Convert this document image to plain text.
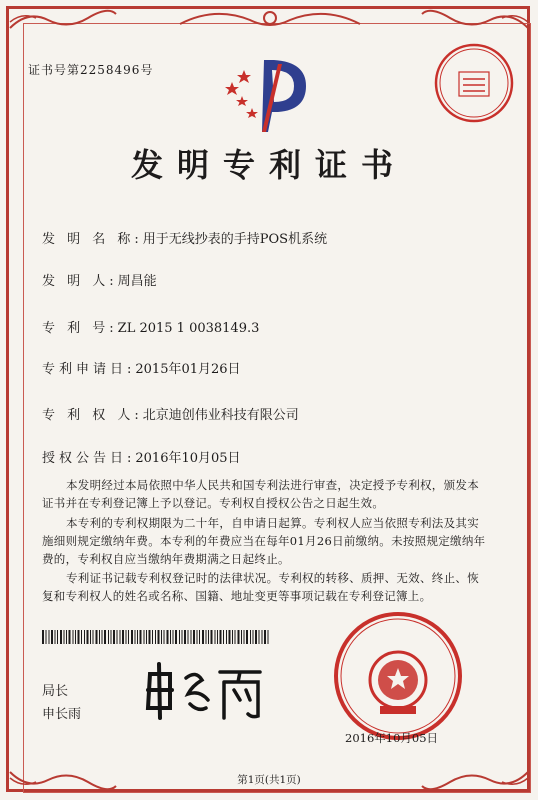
证书号第2258496号
发明专利证书
发 明 名 称:用于无线抄表的手持POS机系统
发 明 人:周昌能
专 利 号:ZL 2015 1 0038149.3
专利申请日:2015年01月26日
专 利 权 人:北京迪创伟业科技有限公司
授权公告日:2016年10月05日
本发明经过本局依照中华人民共和国专利法进行审查，决定授予专利权，颁发本证书并在专利登记簿上予以登记。专利权自授权公告之日起生效。
本专利的专利权期限为二十年，自申请日起算。专利权人应当依照专利法及其实施细则规定缴纳年费。本专利的年费应当在每年01月26日前缴纳。未按照规定缴纳年费的，专利权自应当缴纳年费期满之日起终止。
专利证书记载专利权登记时的法律状况。专利权的转移、质押、无效、终止、恢复和专利权人的姓名或名称、国籍、地址变更等事项记载在专利登记簿上。
局长
申长雨
2016年10月05日
第1页(共1页)
